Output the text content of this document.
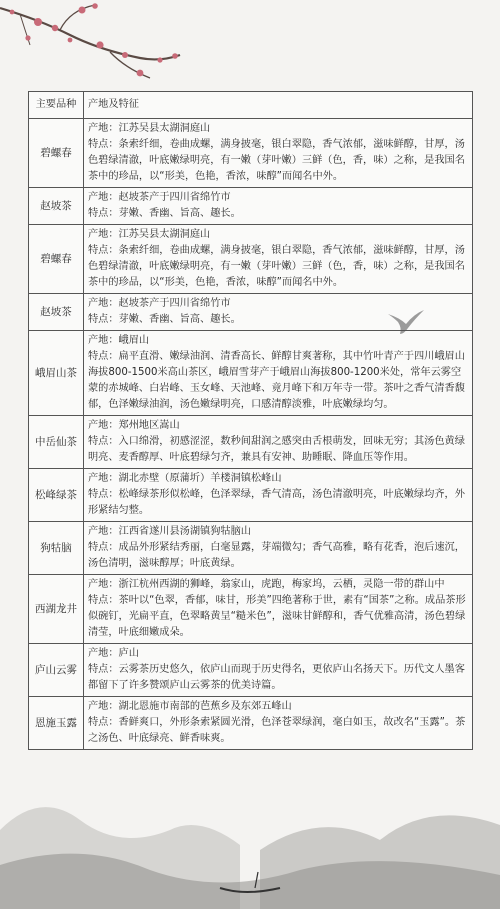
主要品种	产地及特征
碧螺春	产地：江苏吴县太湖洞庭山
特点：条索纤细，卷曲成螺，满身披毫，银白翠隐，香气浓郁，滋味鲜醇，甘厚，汤色碧绿清澈，叶底嫩绿明亮，有一嫩（芽叶嫩）三鲜（色，香，味）之称，是我国名茶中的珍品，以“形美，色艳，香浓，味醇”而闻名中外。

赵坡茶	产地：赵坡茶产于四川省绵竹市
特点：芽嫩、香幽、旨高、趣长。

碧螺春	产地：江苏吴县太湖洞庭山
特点：条索纤细，卷曲成螺，满身披毫，银白翠隐，香气浓郁，滋味鲜醇，甘厚，汤色碧绿清澈，叶底嫩绿明亮，有一嫩（芽叶嫩）三鲜（色，香，味）之称，是我国名茶中的珍品，以“形美，色艳，香浓，味醇”而闻名中外。

赵坡茶	产地：赵坡茶产于四川省绵竹市
特点：芽嫩、香幽、旨高、趣长。

峨眉山茶	产地：峨眉山
特点：扁平直滑、嫩绿油润、清香高长、鲜醇甘爽著称，其中竹叶青产于四川峨眉山海拔800-1500米高山茶区，峨眉雪芽产于峨眉山海拔800-1200米处，常年云雾空蒙的赤城峰、白岩峰、玉女峰、天池峰、竟月峰下和万年寺一带。茶叶之香气清香馥郁，色泽嫩绿油润，汤色嫩绿明亮，口感清醇淡雅，叶底嫩绿均匀。

中岳仙茶	产地：郑州地区嵩山
特点：入口绵滑，初感涩涩，数秒间甜润之感突由舌根萌发，回味无穷；其汤色黄绿明亮、麦香醇厚、叶底碧绿匀齐，兼具有安神、助睡眠、降血压等作用。

松峰绿茶	产地：湖北赤壁（原蒲圻）羊楼洞镇松峰山
特点：松峰绿茶形似松峰，色泽翠绿，香气清高，汤色清澈明亮，叶底嫩绿均齐，外形紧结匀整。

狗牯脑	产地：江西省遂川县汤湖镇狗牯脑山
特点：成品外形紧结秀丽，白毫显露，芽端微勾；香气高雅，略有花香，泡后速沉，汤色清明，滋味醇厚；叶底黄绿。

西湖龙井	产地：浙江杭州西湖的狮峰，翁家山，虎跑，梅家坞，云栖，灵隐一带的群山中
特点：茶叶以“色翠，香郁，味甘，形美”四绝著称于世，素有“国茶”之称。成品茶形似碗钉，光扁平直，色翠略黄呈“糙米色”，滋味甘鲜醇和，香气优雅高清，汤色碧绿清莹，叶底细嫩成朵。

庐山云雾	产地：庐山
特点：云雾茶历史悠久，依庐山而现于历史得名，更依庐山名扬天下。历代文人墨客都留下了许多赞颂庐山云雾茶的优美诗篇。

恩施玉露	产地：湖北恩施市南部的芭蕉乡及东郊五峰山
特点：香鲜爽口，外形条索紧圆光滑，色泽苍翠绿润，毫白如玉，故改名“玉露”。茶之汤色、叶底绿亮、鲜香味爽。
